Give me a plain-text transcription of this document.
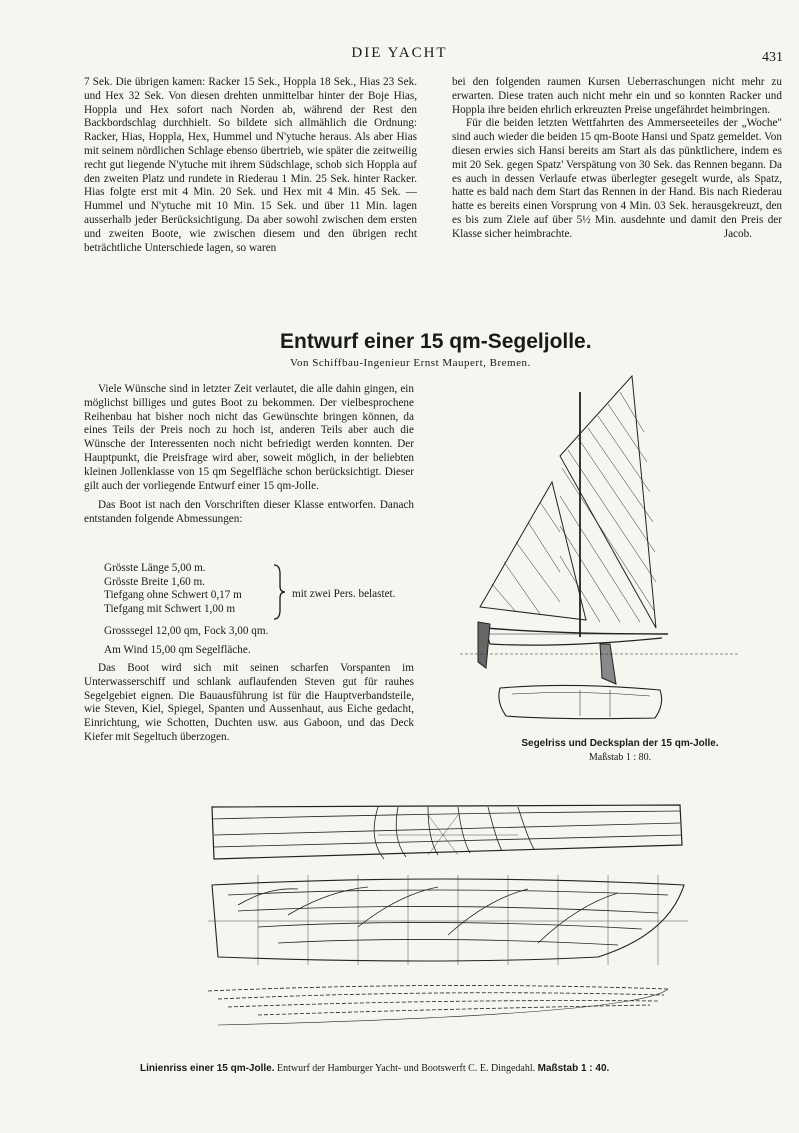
DIE YACHT	431

7 Sek. Die übrigen kamen: Racker 15 Sek., Hoppla 18 Sek., Hias 23 Sek. und Hex 32 Sek. Von diesen drehten unmittelbar hinter der Boje Hias, Hoppla und Hex sofort nach Norden ab, während der Rest den Backbordschlag durchhielt. So bildete sich allmählich die Ordnung: Racker, Hias, Hoppla, Hex, Hummel und N'ytuche heraus. Als aber Hias mit seinem nördlichen Schlage ebenso übertrieb, wie später die zeitweilig recht gut liegende N'ytuche mit ihrem Südschlage, schob sich Hoppla auf den zweiten Platz und rundete in Riederau 1 Min. 25 Sek. hinter Racker. Hias folgte erst mit 4 Min. 20 Sek. und Hex mit 4 Min. 45 Sek. — Hummel und N'ytuche mit 10 Min. 15 Sek. und über 11 Min. lagen ausserhalb jeder Berücksichtigung. Da aber sowohl zwischen dem ersten und zweiten Boote, wie zwischen diesem und den übrigen recht beträchtliche Unterschiede lagen, so waren

bei den folgenden raumen Kursen Ueberraschungen nicht mehr zu erwarten. Diese traten auch nicht mehr ein und so konnten Racker und Hoppla ihre beiden ehrlich erkreuzten Preise ungefährdet heimbringen.

Für die beiden letzten Wettfahrten des Ammerseeteiles der „Woche" sind auch wieder die beiden 15 qm-Boote Hansi und Spatz gemeldet. Von diesen erwies sich Hansi bereits am Start als das pünktlichere, indem es mit 20 Sek. gegen Spatz' Verspätung von 30 Sek. das Rennen begann. Da es auch in dessen Verlaufe etwas überlegter gesegelt wurde, als Spatz, hatte es bald nach dem Start das Rennen in der Hand. Bis nach Riederau hatte es bereits einen Vorsprung von 4 Min. 03 Sek. herausgekreuzt, den es bis zum Ziele auf über 5½ Min. ausdehnte und damit den Preis der Klasse sicher heimbrachte.	Jacob.

Entwurf einer 15 qm-Segeljolle.
Von Schiffbau-Ingenieur Ernst Maupert, Bremen.

Viele Wünsche sind in letzter Zeit verlautet, die alle dahin gingen, ein möglichst billiges und gutes Boot zu bekommen. Der vielbesprochene Reihenbau hat bisher noch nicht das Gewünschte bringen können, da eines Teils der Preis noch zu hoch ist, anderen Teils aber auch die Wünsche der Interessenten noch nicht befriedigt werden konnten. Der Hauptpunkt, die Preisfrage wird aber, soweit möglich, in der beliebten kleinen Jollenklasse von 15 qm Segelfläche schon berücksichtigt. Dieser gilt auch der vorliegende Entwurf einer 15 qm-Jolle.

Das Boot ist nach den Vorschriften dieser Klasse entworfen. Danach entstanden folgende Abmessungen:

Grösste Länge 5,00 m.
Grösste Breite 1,60 m.
Tiefgang ohne Schwert 0,17 m
Tiefgang mit Schwert 1,00 m
mit zwei Pers. belastet.
Grosssegel 12,00 qm, Fock 3,00 qm.
Am Wind 15,00 qm Segelfläche.

Das Boot wird sich mit seinen scharfen Vorspanten im Unterwasserschiff und schlank auflaufenden Steven gut für rauhes Segelgebiet eignen. Die Bauausführung ist für die Hauptverbandsteile, wie Steven, Kiel, Spiegel, Spanten und Aussenhaut, aus Eiche gedacht, Einrichtung, wie Schotten, Duchten usw. aus Gaboon, und das Deck Kiefer mit Segeltuch überzogen.

Segelriss und Decksplan der 15 qm-Jolle.
Maßstab 1 : 80.
Linienriss einer 15 qm-Jolle. Entwurf der Hamburger Yacht- und Bootswerft C. E. Dingedahl. Maßstab 1 : 40.
